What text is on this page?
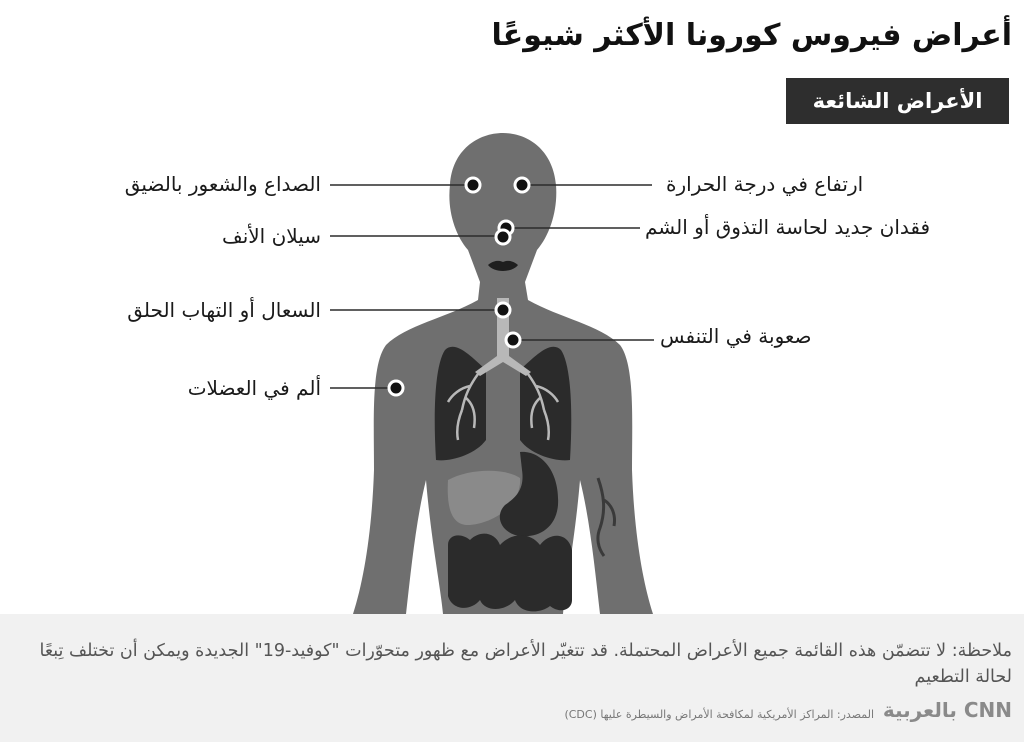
أعراض فيروس كورونا الأكثر شيوعًا
الأعراض الشائعة
الصداع والشعور بالضيق
سيلان الأنف
السعال أو التهاب الحلق
ألم في العضلات
ارتفاع في درجة الحرارة
فقدان جديد لحاسة التذوق أو الشم
صعوبة في التنفس

ملاحظة: لا تتضمّن هذه القائمة جميع الأعراض المحتملة. قد تتغيّر الأعراض مع ظهور متحوّرات "كوفيد-19" الجديدة ويمكن أن تختلف تِبعًا لحالة التطعيم

المصدر: المراكز الأمريكية لمكافحة الأمراض والسيطرة عليها (CDC) CNN بالعربية
